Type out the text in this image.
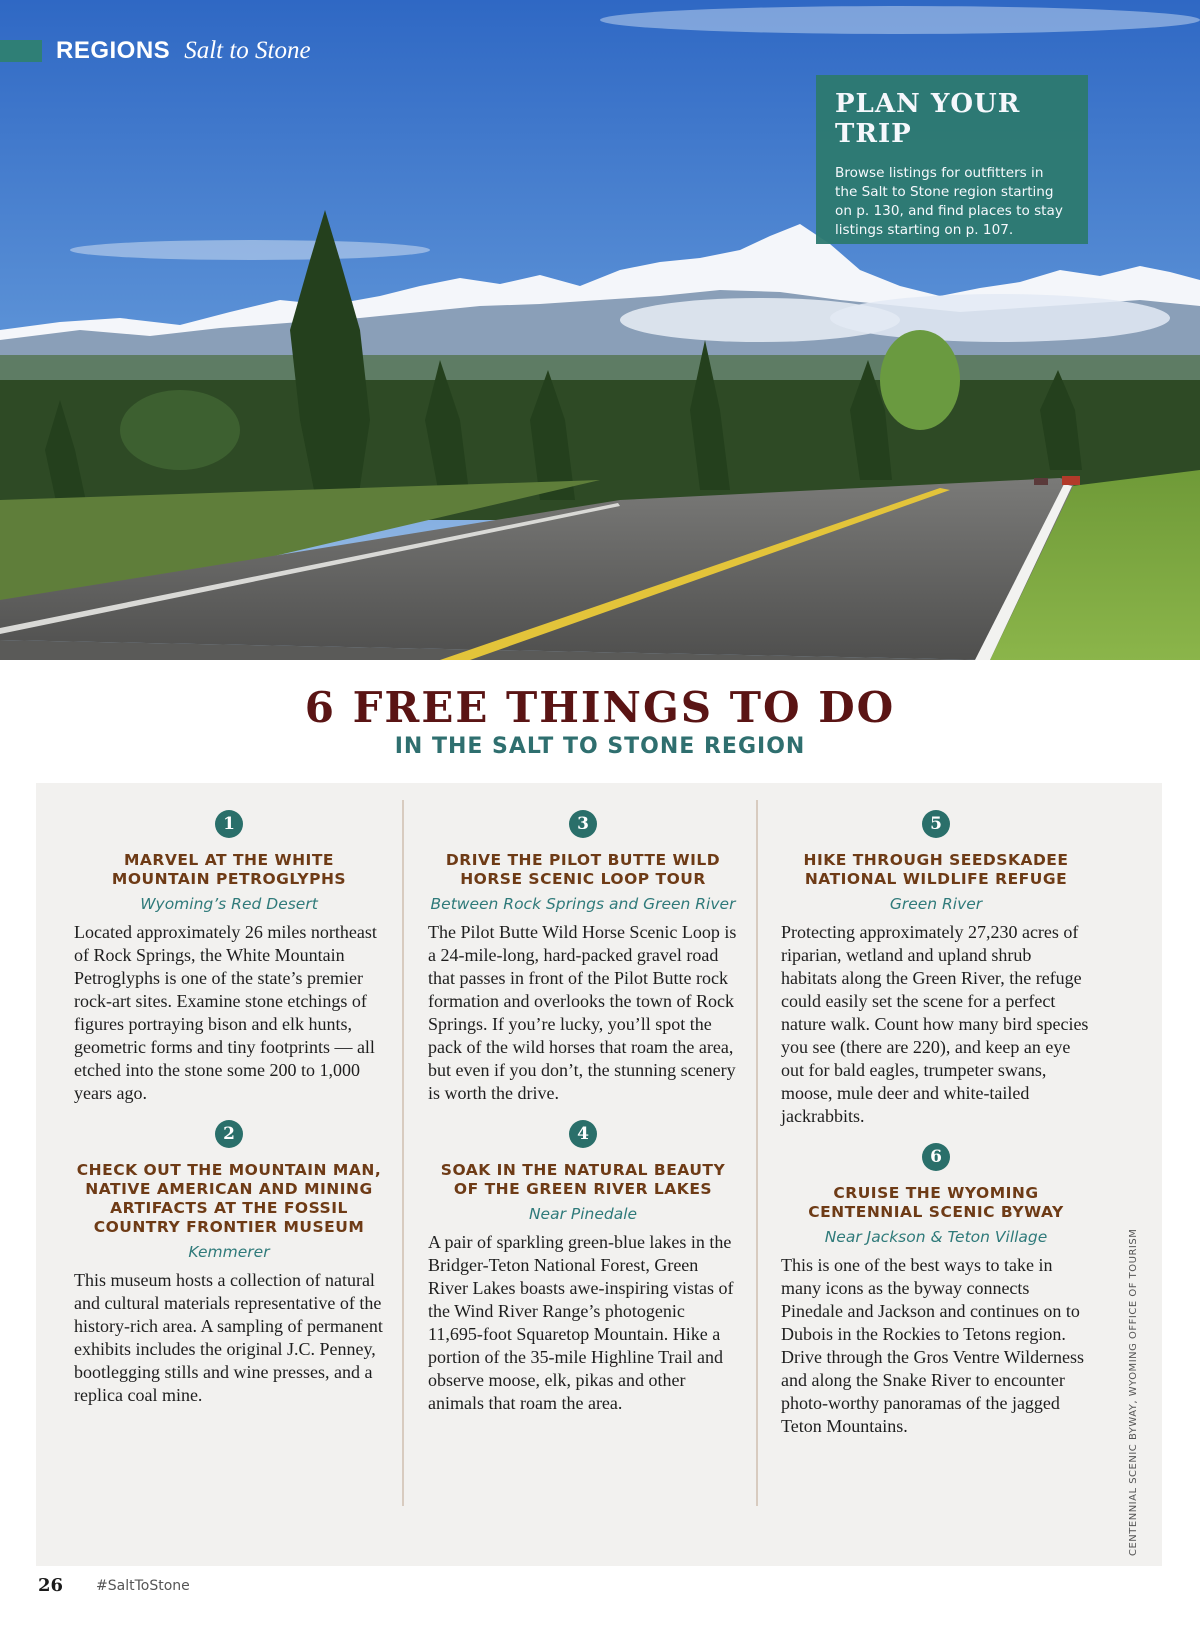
REGIONS Salt to Stone
PLAN YOUR TRIP
Browse listings for outfitters in the Salt to Stone region starting on p. 130, and find places to stay listings starting on p. 107.
6 FREE THINGS TO DO
IN THE SALT TO STONE REGION
1
MARVEL AT THE WHITE MOUNTAIN PETROGLYPHS
Wyoming’s Red Desert
Located approximately 26 miles northeast of Rock Springs, the White Mountain Petroglyphs is one of the state’s premier rock-art sites. Examine stone etchings of figures portraying bison and elk hunts, geometric forms and tiny footprints — all etched into the stone some 200 to 1,000 years ago.
2
CHECK OUT THE MOUNTAIN MAN, NATIVE AMERICAN AND MINING ARTIFACTS AT THE FOSSIL COUNTRY FRONTIER MUSEUM
Kemmerer
This museum hosts a collection of natural and cultural materials representative of the history-rich area. A sampling of permanent exhibits includes the original J.C. Penney, bootlegging stills and wine presses, and a replica coal mine.
3
DRIVE THE PILOT BUTTE WILD HORSE SCENIC LOOP TOUR
Between Rock Springs and Green River
The Pilot Butte Wild Horse Scenic Loop is a 24-mile-long, hard-packed gravel road that passes in front of the Pilot Butte rock formation and overlooks the town of Rock Springs. If you’re lucky, you’ll spot the pack of the wild horses that roam the area, but even if you don’t, the stunning scenery is worth the drive.
4
SOAK IN THE NATURAL BEAUTY OF THE GREEN RIVER LAKES
Near Pinedale
A pair of sparkling green-blue lakes in the Bridger-Teton National Forest, Green River Lakes boasts awe-inspiring vistas of the Wind River Range’s photogenic 11,695-foot Squaretop Mountain. Hike a portion of the 35-mile Highline Trail and observe moose, elk, pikas and other animals that roam the area.
5
HIKE THROUGH SEEDSKADEE NATIONAL WILDLIFE REFUGE
Green River
Protecting approximately 27,230 acres of riparian, wetland and upland shrub habitats along the Green River, the refuge could easily set the scene for a perfect nature walk. Count how many bird species you see (there are 220), and keep an eye out for bald eagles, trumpeter swans, moose, mule deer and white-tailed jackrabbits.
6
CRUISE THE WYOMING CENTENNIAL SCENIC BYWAY
Near Jackson & Teton Village
This is one of the best ways to take in many icons as the byway connects Pinedale and Jackson and continues on to Dubois in the Rockies to Tetons region. Drive through the Gros Ventre Wilderness and along the Snake River to encounter photo-worthy panoramas of the jagged Teton Mountains.	CENTENNIAL SCENIC BYWAY, WYOMING OFFICE OF TOURISM
26 #SaltToStone
